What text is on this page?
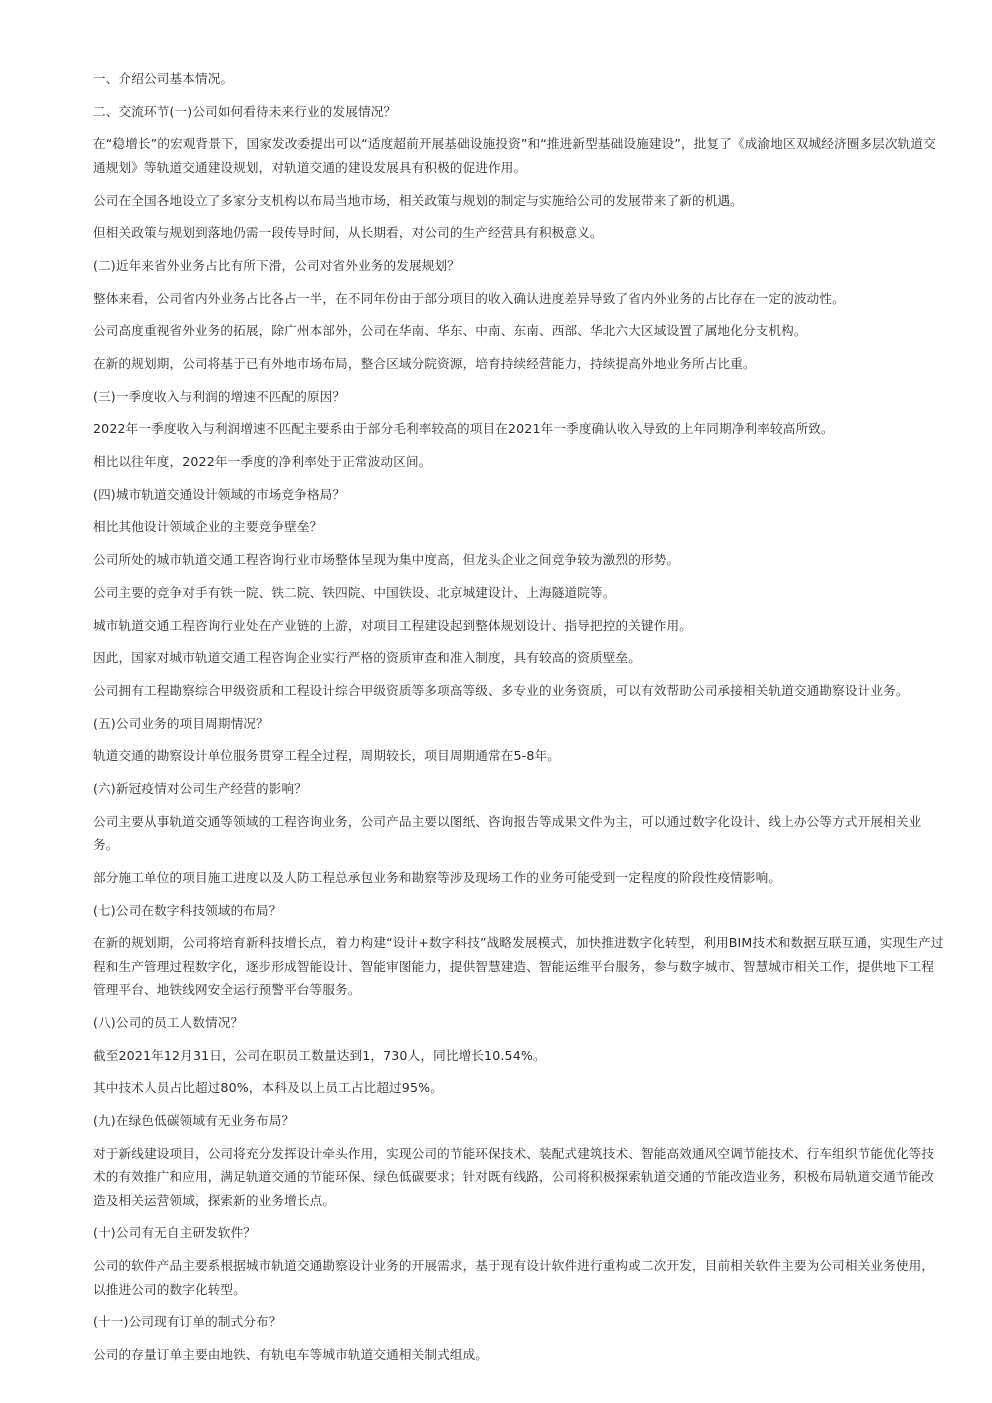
一、介绍公司基本情况。

二、交流环节(一)公司如何看待未来行业的发展情况？

在“稳增长”的宏观背景下，国家发改委提出可以“适度超前开展基础设施投资”和“推进新型基础设施建设”，批复了《成渝地区双城经济圈多层次轨道交通规划》等轨道交通建设规划，对轨道交通的建设发展具有积极的促进作用。

公司在全国各地设立了多家分支机构以布局当地市场，相关政策与规划的制定与实施给公司的发展带来了新的机遇。

但相关政策与规划到落地仍需一段传导时间，从长期看，对公司的生产经营具有积极意义。

(二)近年来省外业务占比有所下滑，公司对省外业务的发展规划？

整体来看，公司省内外业务占比各占一半，在不同年份由于部分项目的收入确认进度差异导致了省内外业务的占比存在一定的波动性。

公司高度重视省外业务的拓展，除广州本部外，公司在华南、华东、中南、东南、西部、华北六大区域设置了属地化分支机构。

在新的规划期，公司将基于已有外地市场布局，整合区域分院资源，培育持续经营能力，持续提高外地业务所占比重。

(三)一季度收入与利润的增速不匹配的原因？

2022年一季度收入与利润增速不匹配主要系由于部分毛利率较高的项目在2021年一季度确认收入导致的上年同期净利率较高所致。

相比以往年度，2022年一季度的净利率处于正常波动区间。

(四)城市轨道交通设计领域的市场竞争格局？

相比其他设计领域企业的主要竞争壁垒？

公司所处的城市轨道交通工程咨询行业市场整体呈现为集中度高，但龙头企业之间竞争较为激烈的形势。

公司主要的竞争对手有铁一院、铁二院、铁四院、中国铁设、北京城建设计、上海隧道院等。

城市轨道交通工程咨询行业处在产业链的上游，对项目工程建设起到整体规划设计、指导把控的关键作用。

因此，国家对城市轨道交通工程咨询企业实行严格的资质审查和准入制度，具有较高的资质壁垒。

公司拥有工程勘察综合甲级资质和工程设计综合甲级资质等多项高等级、多专业的业务资质，可以有效帮助公司承接相关轨道交通勘察设计业务。

(五)公司业务的项目周期情况？

轨道交通的勘察设计单位服务贯穿工程全过程，周期较长，项目周期通常在5-8年。

(六)新冠疫情对公司生产经营的影响？

公司主要从事轨道交通等领域的工程咨询业务，公司产品主要以图纸、咨询报告等成果文件为主，可以通过数字化设计、线上办公等方式开展相关业务。

部分施工单位的项目施工进度以及人防工程总承包业务和勘察等涉及现场工作的业务可能受到一定程度的阶段性疫情影响。

(七)公司在数字科技领域的布局？

在新的规划期，公司将培育新科技增长点，着力构建“设计+数字科技”战略发展模式，加快推进数字化转型，利用BIM技术和数据互联互通，实现生产过程和生产管理过程数字化，逐步形成智能设计、智能审图能力，提供智慧建造、智能运维平台服务，参与数字城市、智慧城市相关工作，提供地下工程管理平台、地铁线网安全运行预警平台等服务。

(八)公司的员工人数情况？

截至2021年12月31日，公司在职员工数量达到1，730人，同比增长10.54%。

其中技术人员占比超过80%，本科及以上员工占比超过95%。

(九)在绿色低碳领域有无业务布局？

对于新线建设项目，公司将充分发挥设计牵头作用，实现公司的节能环保技术、装配式建筑技术、智能高效通风空调节能技术、行车组织节能优化等技术的有效推广和应用，满足轨道交通的节能环保、绿色低碳要求；针对既有线路，公司将积极探索轨道交通的节能改造业务，积极布局轨道交通节能改造及相关运营领域，探索新的业务增长点。

(十)公司有无自主研发软件？

公司的软件产品主要系根据城市轨道交通勘察设计业务的开展需求，基于现有设计软件进行重构或二次开发，目前相关软件主要为公司相关业务使用，以推进公司的数字化转型。

(十一)公司现有订单的制式分布？

公司的存量订单主要由地铁、有轨电车等城市轨道交通相关制式组成。
